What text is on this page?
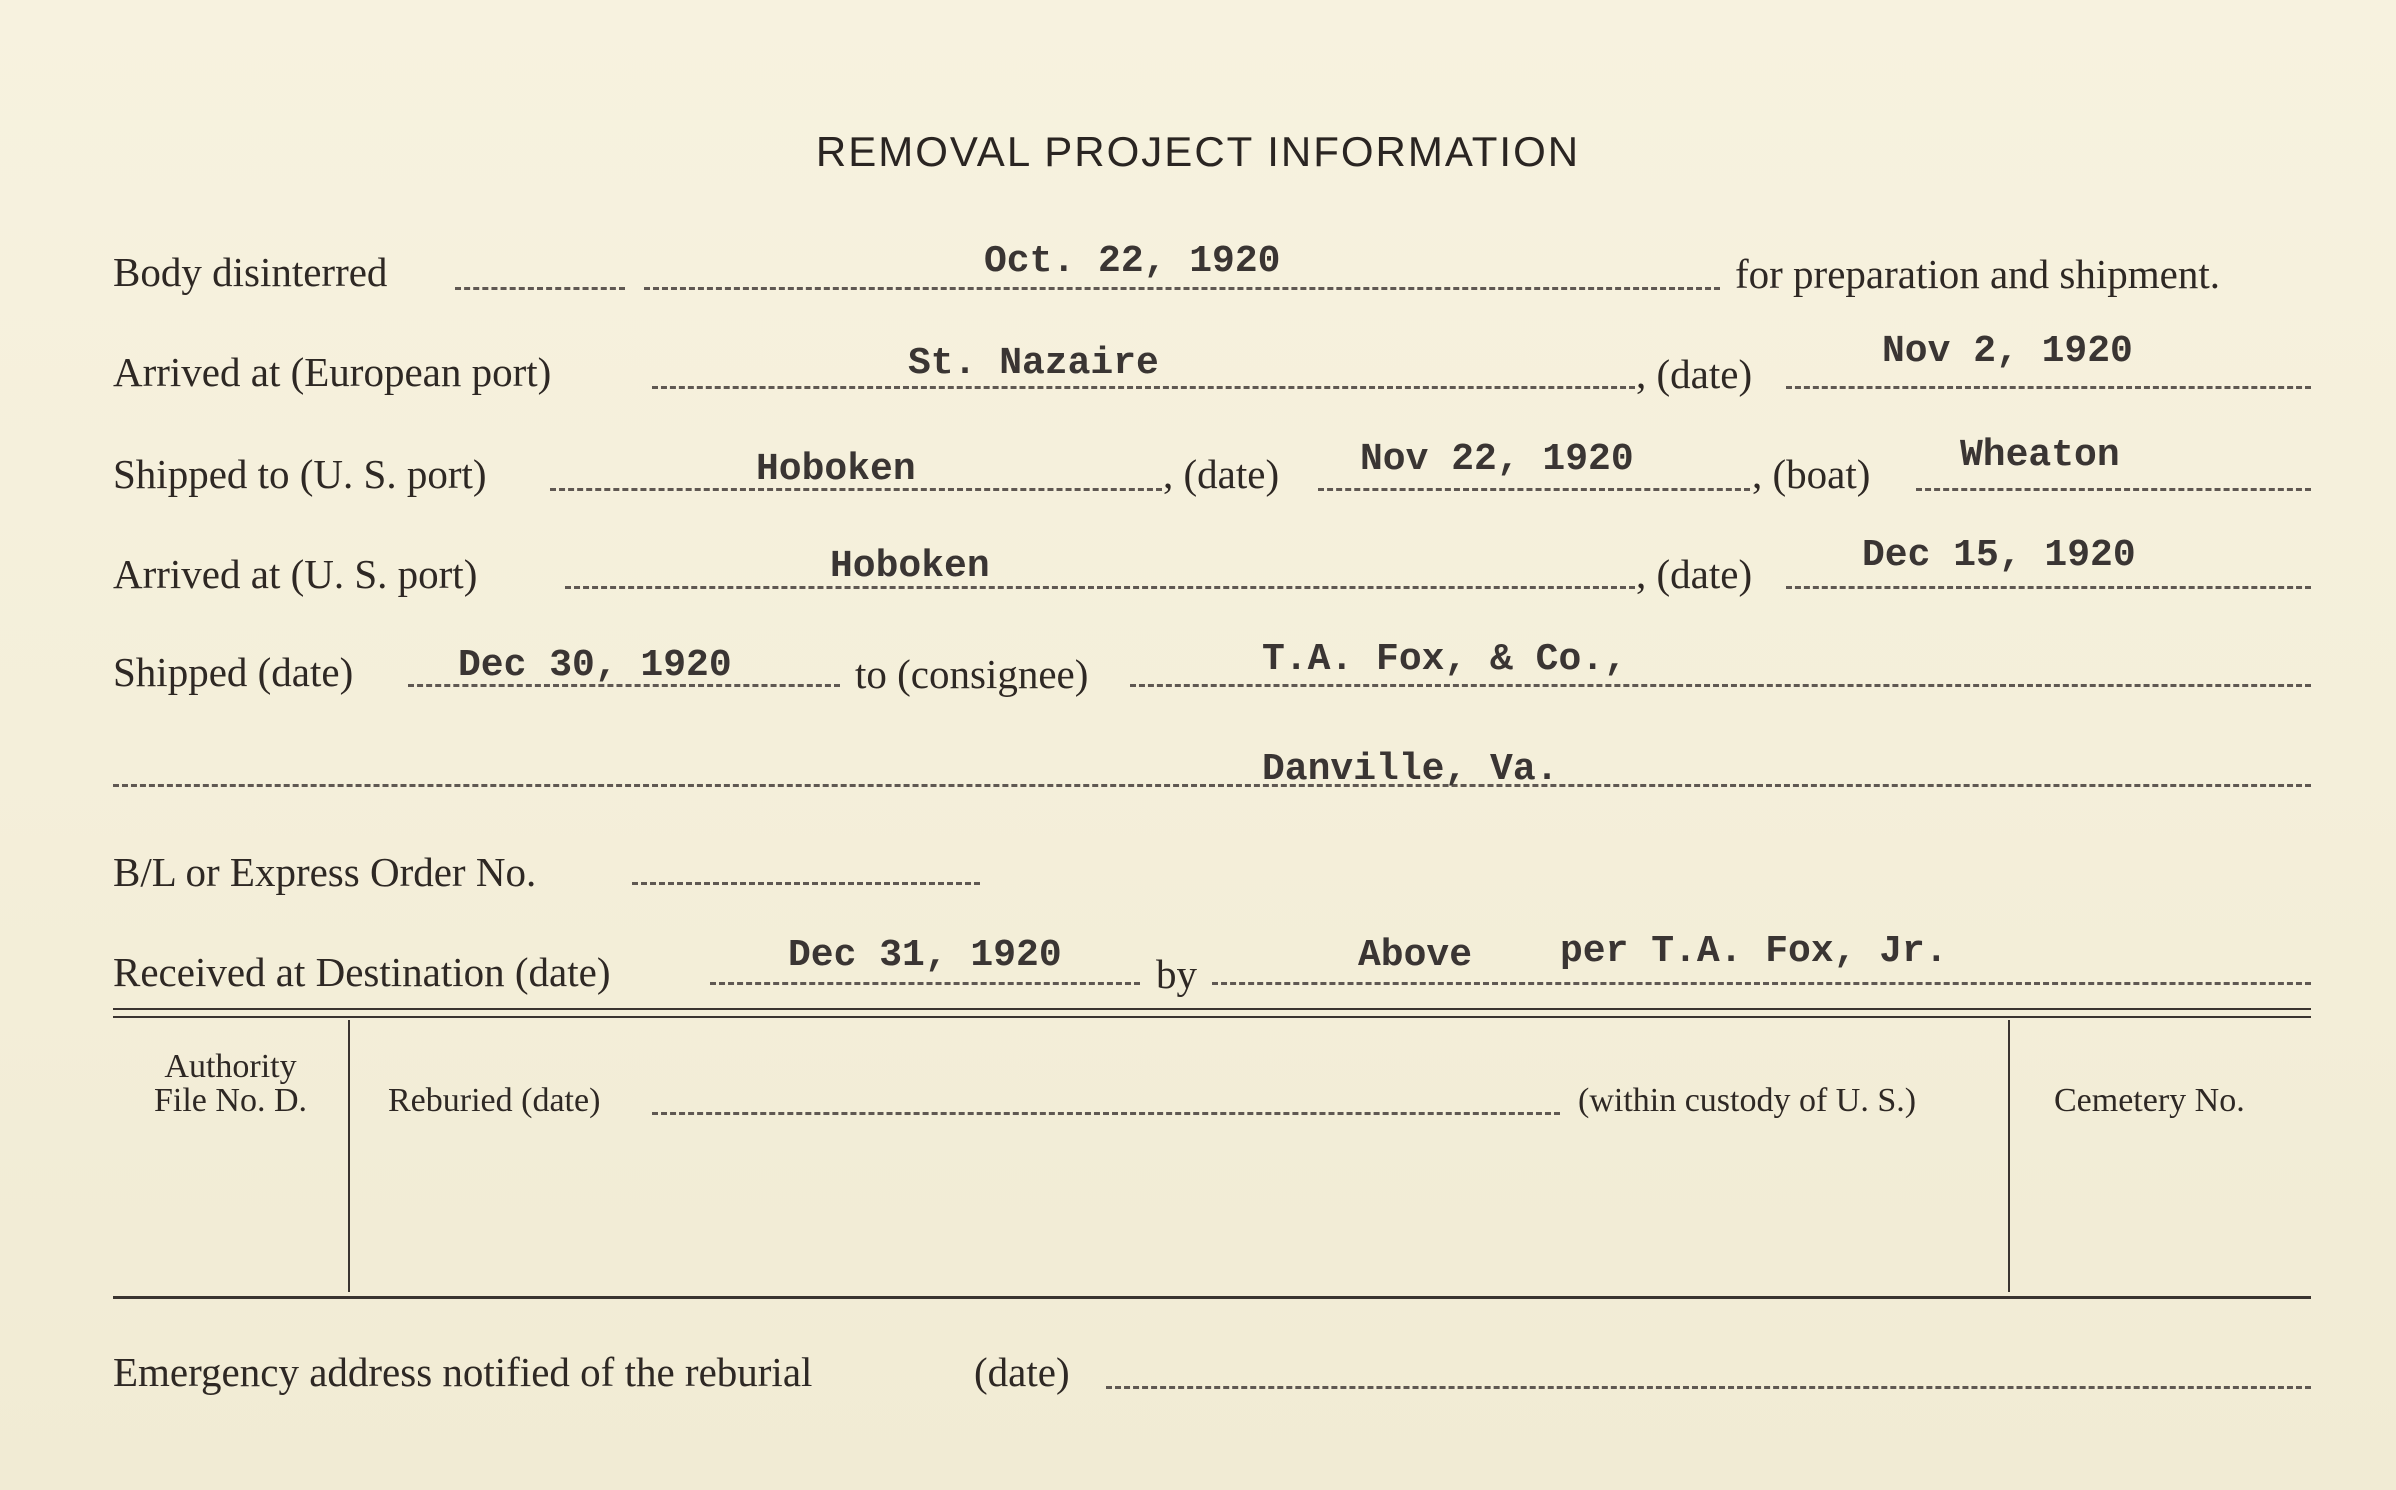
REMOVAL PROJECT INFORMATION
Body disinterred	Oct. 22, 1920	for preparation and shipment.
Arrived at (European port)	St. Nazaire	, (date)	Nov 2, 1920
Shipped to (U. S. port)	Hoboken	, (date) Nov 22, 1920	, (boat) Wheaton
Arrived at (U. S. port)	Hoboken	, (date)	Dec 15, 1920
Shipped (date)	Dec 30, 1920	to (consignee)	T.A. Fox, & Co.,
Danville, Va.
B/L or Express Order No.
Received at Destination (date)	Dec 31, 1920 by	Above per T.A. Fox, Jr.
Authority
File No. D.	Reburied (date)	(within custody of U. S.)	Cemetery No.
Emergency address notified of the reburial	(date)
